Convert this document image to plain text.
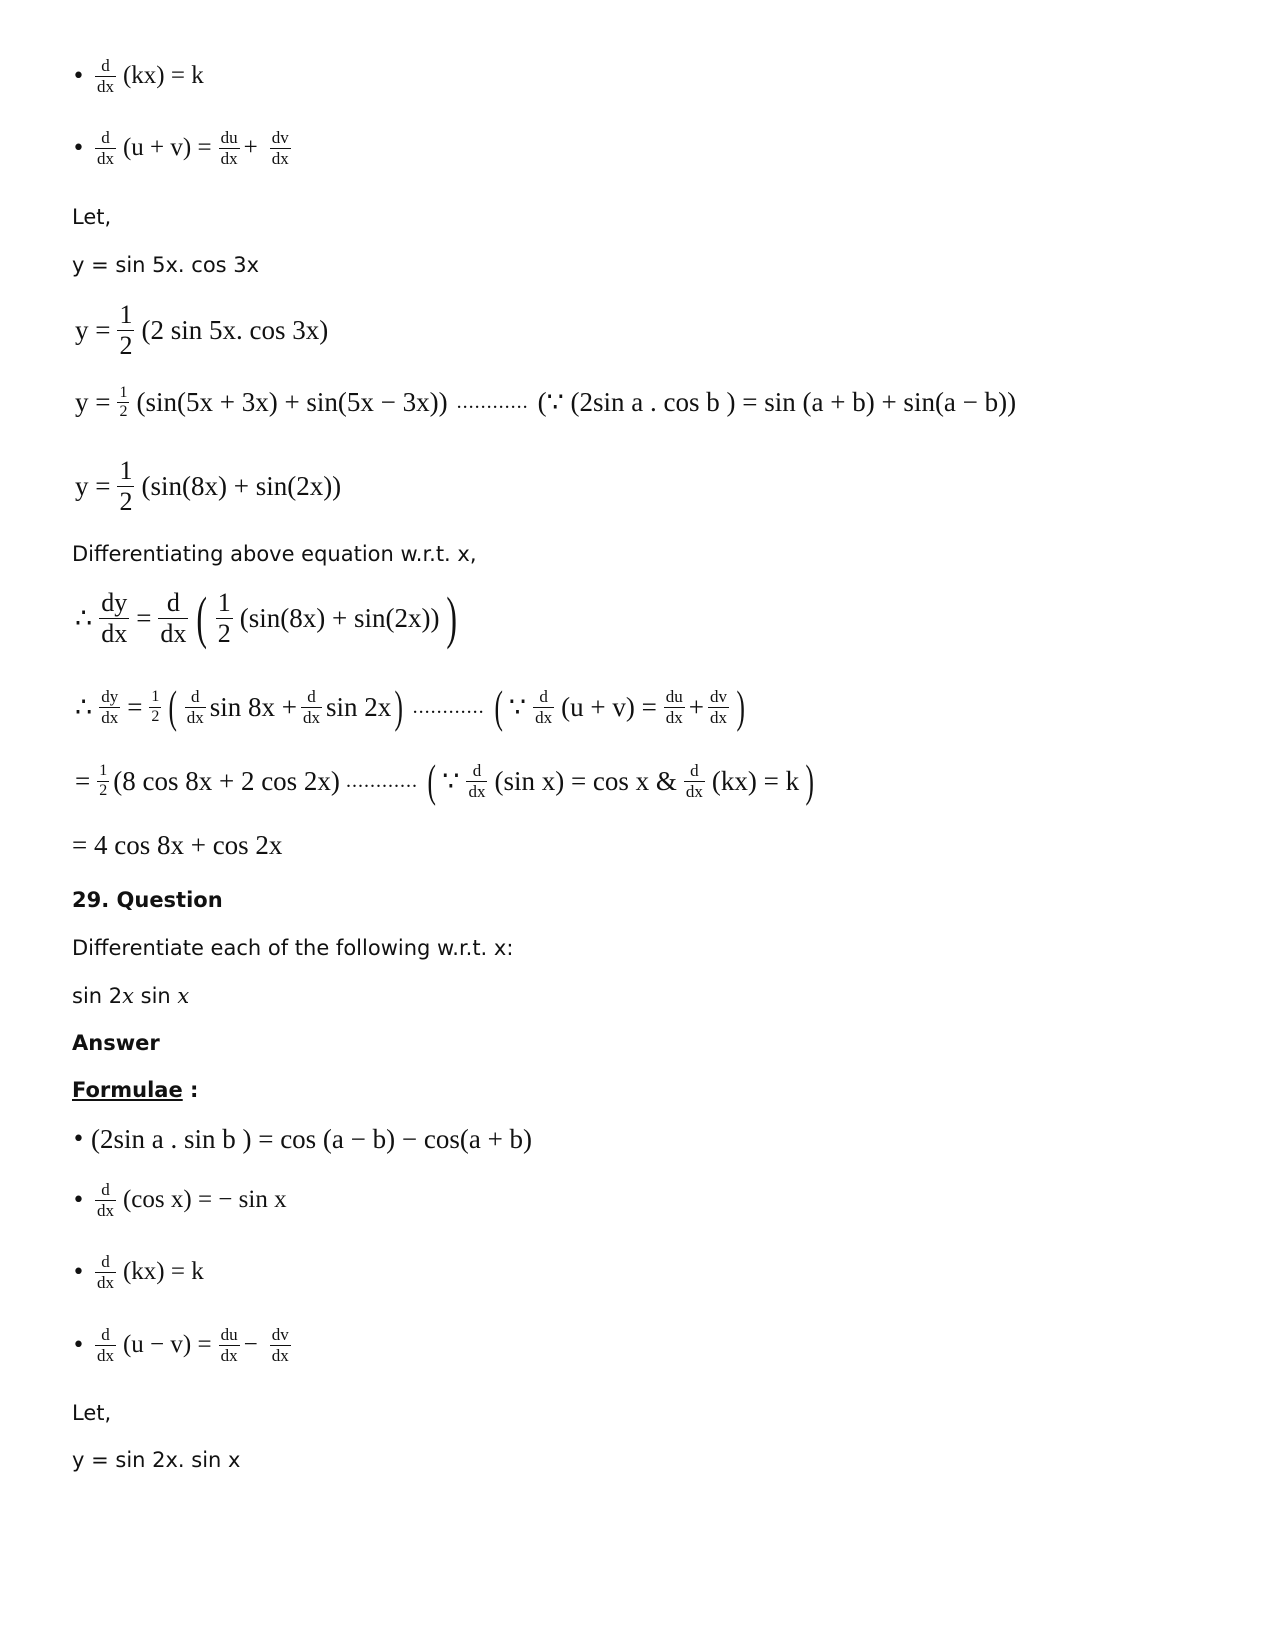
• d
dx (kx) = k
• d
dx $(u + v) = \frac{du}{dx} + \frac{dv}{dx}$
Let,
y = sin 5x. cos 3x
$y = \frac{1}{2} (2$ sin 5x. cos 3x)
$y = \frac{1}{2} (\sin(5x + 3x) + \sin(5x - 3x))$ ............ (∵ (2sin a . cos b ) = sin (a + b) + sin(a − b))
$y = \frac{1}{2} (\sin(8x) + \sin(2x))$
Differentiating above equation w.r.t. x,
∴ $\frac{dy}{dx} = \frac{d}{dx}$ ( 1
2
(sin(8x) + sin(2x)) )
∴ $\frac{dy}{dx} = \frac{1}{2}$ ( d
dx $\sin 8x + \frac{d}{dx}$ sin 2x ) ............ ( ∵ d
dx $(u + v) = \frac{du}{dx} + \frac{dv}{dx}$ )
= $\frac{1}{2} (8$ cos 8x + 2 cos 2x) ............ ( ∵ d
dx (sin x) = cos x & d
dx (kx) = k )
= 4 cos 8x + cos 2x
29. Question
Differentiate each of the following w.r.t. x:
sin 2x sin x
Answer
Formulae :
• (2sin a . sin b ) = cos (a − b) − cos(a + b)
• d
dx (cos x) = − sin x
• d
dx (kx) = k
• d
dx $(u - v) = \frac{du}{dx} - \frac{dv}{dx}$
Let,
y = sin 2x. sin x
